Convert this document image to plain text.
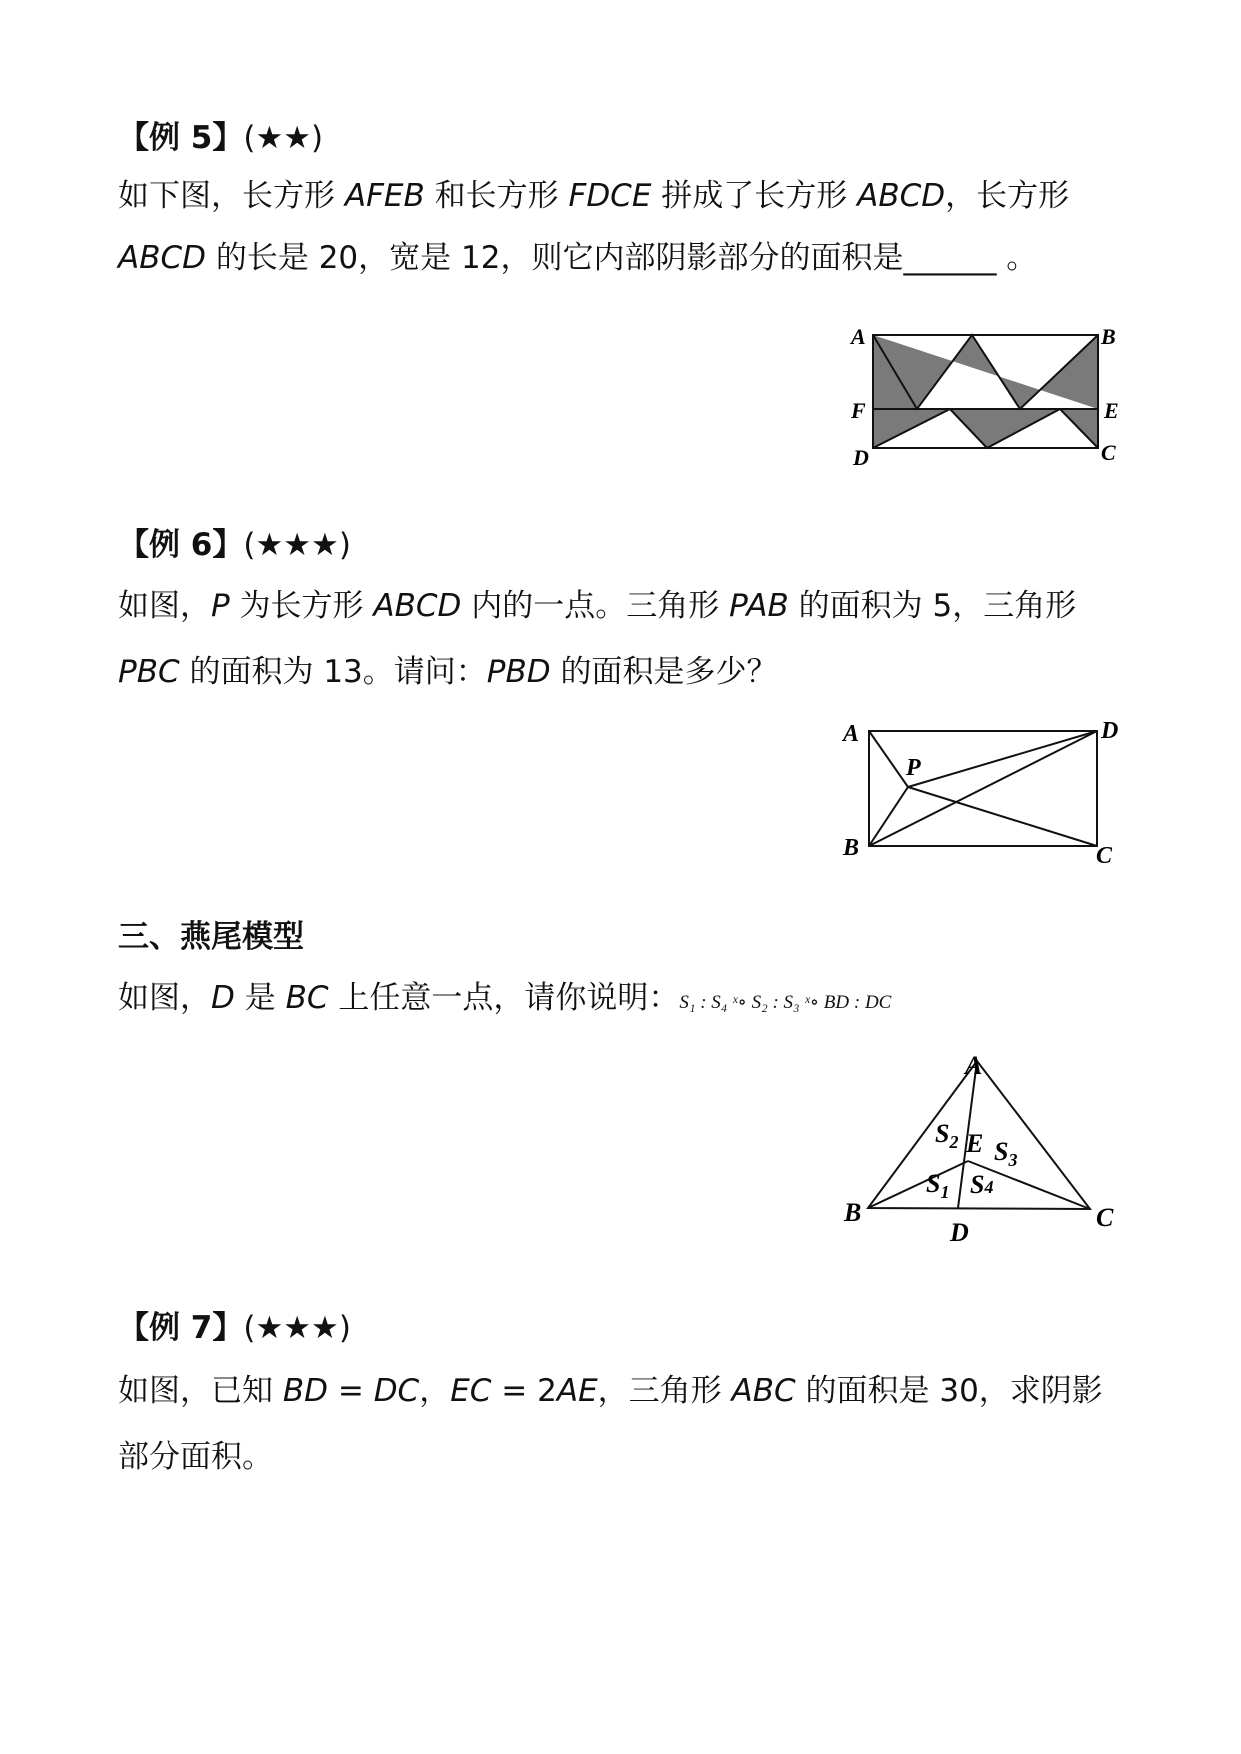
【例 5】(★★)
如下图，长方形 AFEB 和长方形 FDCE 拼成了长方形 ABCD，长方形
ABCD 的长是 20，宽是 12，则它内部阴影部分的面积是______ 。
A	B
F	E
D	C
【例 6】(★★★)
如图，P 为长方形 ABCD 内的一点。三角形 PAB 的面积为 5，三角形
PBC 的面积为 13。请问：PBD 的面积是多少？
A	D
P
B	C
三、燕尾模型
如图，D 是 BC 上任意一点，请你说明：S₁ : S₄ ˣ∘ S₂ : S₃ ˣ∘ BD : DC
A
B	C
D
E
$S_2$ $S_3$
$S_1$ S4
【例 7】(★★★)
如图，已知 BD = DC，EC = 2AE，三角形 ABC 的面积是 30，求阴影
部分面积。
